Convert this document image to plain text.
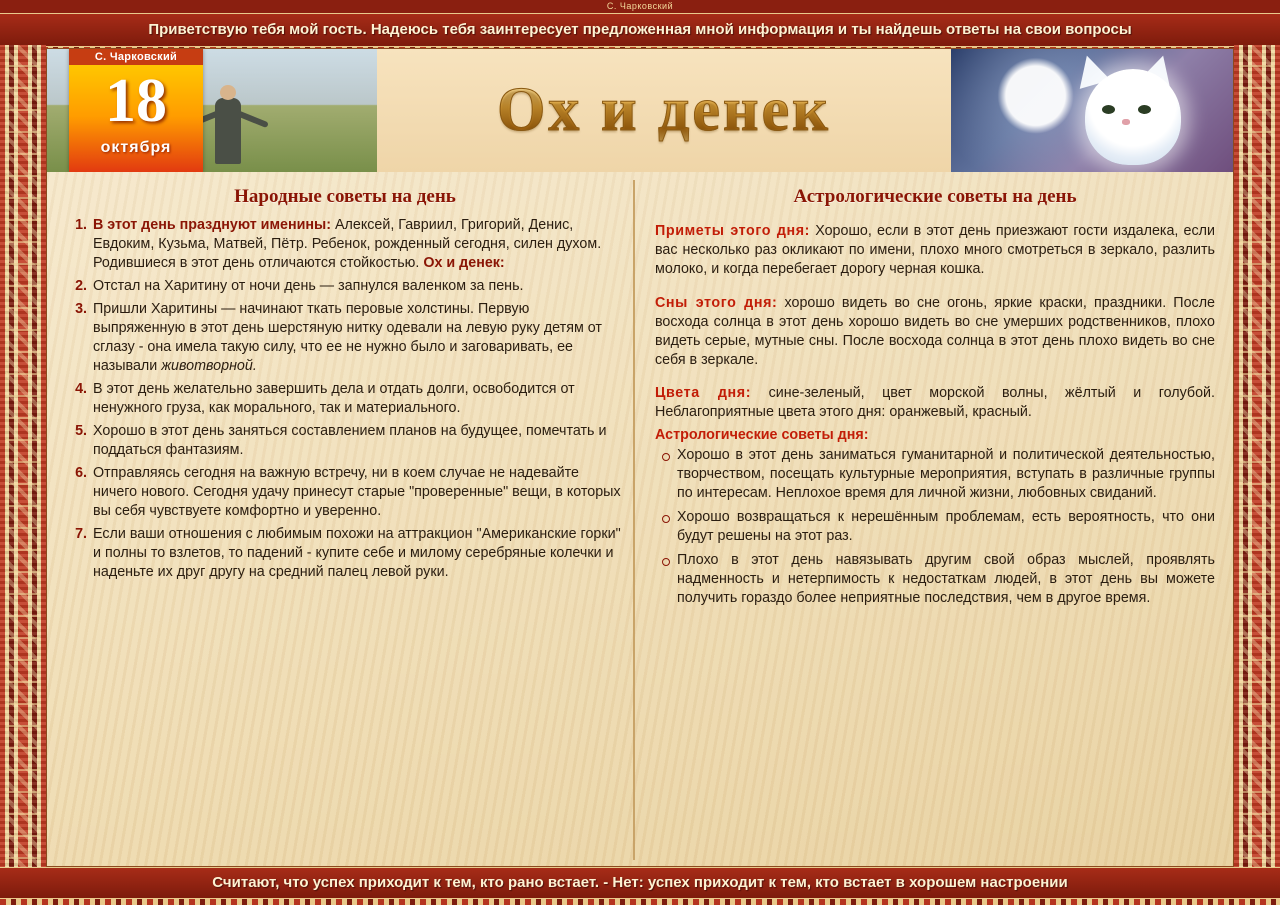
С. Чарковский
Приветствую тебя мой гость. Надеюсь тебя заинтересует предложенная мной информация и ты найдешь ответы на свои вопросы
С. Чарковский
18
октября
Ох и денек
Народные советы на день
1. В этот день празднуют именины: Алексей, Гавриил, Григорий, Денис, Евдоким, Кузьма, Матвей, Пётр. Ребенок, рожденный сегодня, силен духом. Родившиеся в этот день отличаются стойкостью. Ох и денек:
2. Отстал на Харитину от ночи день — запнулся валенком за пень.
3. Пришли Харитины — начинают ткать перовые холстины. Первую выпряженную в этот день шерстяную нитку одевали на левую руку детям от сглазу - она имела такую силу, что ее не нужно было и заговаривать, ее называли животворной.
4. В этот день желательно завершить дела и отдать долги, освободится от ненужного груза, как морального, так и материального.
5. Хорошо в этот день заняться составлением планов на будущее, помечтать и поддаться фантазиям.
6. Отправляясь сегодня на важную встречу, ни в коем случае не надевайте ничего нового. Сегодня удачу принесут старые "проверенные" вещи, в которых вы себя чувствуете комфортно и уверенно.
7. Если ваши отношения с любимым похожи на аттракцион "Американские горки" и полны то взлетов, то падений - купите себе и милому серебряные колечки и наденьте их друг другу на средний палец левой руки.
Астрологические советы на день

Приметы этого дня: Хорошо, если в этот день приезжают гости издалека, если вас несколько раз окликают по имени, плохо много смотреться в зеркало, разлить молоко, и когда перебегает дорогу черная кошка.

Сны этого дня: хорошо видеть во сне огонь, яркие краски, праздники. После восхода солнца в этот день хорошо видеть во сне умерших родственников, плохо видеть серые, мутные сны. После восхода солнца в этот день плохо видеть во сне себя в зеркале.

Цвета дня: сине-зеленый, цвет морской волны, жёлтый и голубой. Неблагоприятные цвета этого дня: оранжевый, красный.

Астрологические советы дня:
Хорошо в этот день заниматься гуманитарной и политической деятельностью, творчеством, посещать культурные мероприятия, вступать в различные группы по интересам. Неплохое время для личной жизни, любовных свиданий.
Хорошо возвращаться к нерешённым проблемам, есть вероятность, что они будут решены на этот раз.
Плохо в этот день навязывать другим свой образ мыслей, проявлять надменность и нетерпимость к недостаткам людей, в этот день вы можете получить гораздо более неприятные последствия, чем в другое время.
Считают, что успех приходит к тем, кто рано встает. - Нет: успех приходит к тем, кто встает в хорошем настроении
